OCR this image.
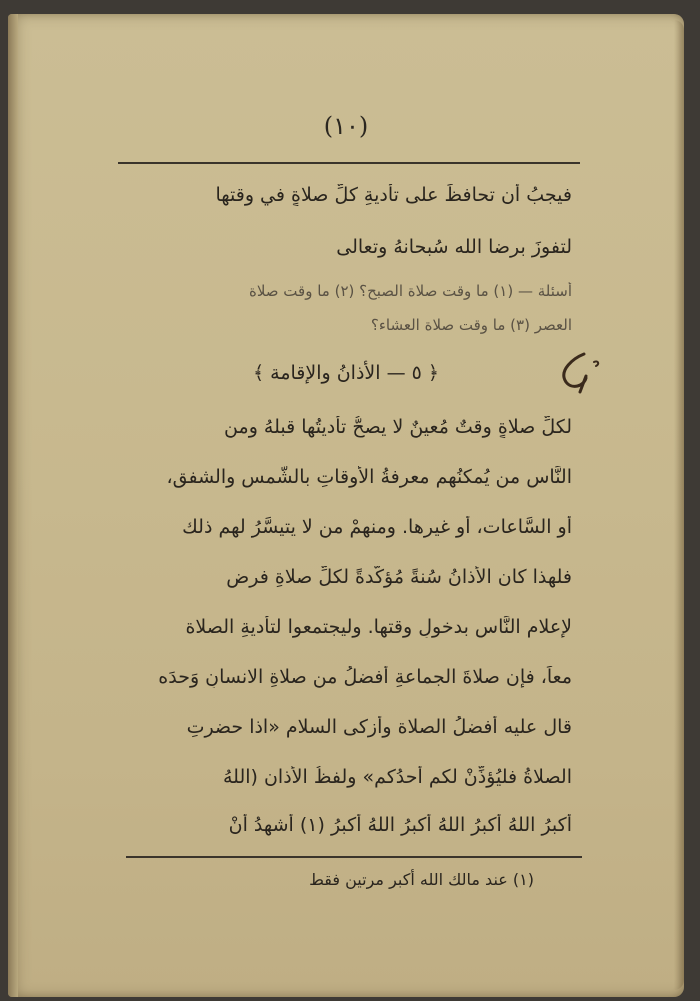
(١٠)
فيجبُ أن تحافظَ على تأديةِ كلِّ صلاةٍ في وقتها
لتفوزَ برضا الله سُبحانهُ وتعالى
أسئلة — (١) ما وقت صلاة الصبح؟ (٢) ما وقت صلاة
العصر (٣) ما وقت صلاة العشاء؟
﴿ ٥ — الأذانُ والإقامة ﴾
لكلِّ صلاةٍ وقتٌ مُعينٌ لا يصحُّ تأديتُها قبلهُ ومن
النَّاس من يُمكنُهم معرفةُ الأوقاتِ بالشَّمسِ والشفقِ،
أو السَّاعات، أو غيرها. ومنهمْ من لا يتيسَّرُ لهم ذلك
فلهذا كان الأذانُ سُنةً مُؤكَّدةً لكلِّ صلاةِ فرضٍ
لإعلامِ النَّاس بدخولِ وقتها. وليجتمعوا لتأديةِ الصلاة
معاً، فإن صلاةَ الجماعةِ أفضلُ من صلاةِ الانسانِ وَحدَه
قال عليه أفضلُ الصلاة وأزكى السلام «اذا حضرتِ
الصلاةُ فليُؤذِّنْ لكم أحدُكم» ولفظُ الأذان (اللهُ
أكبرُ اللهُ أكبرُ اللهُ أكبرُ اللهُ أكبرُ (١) أشهدُ أنْ
(١) عند مالك الله أكبر مرتين فقط
